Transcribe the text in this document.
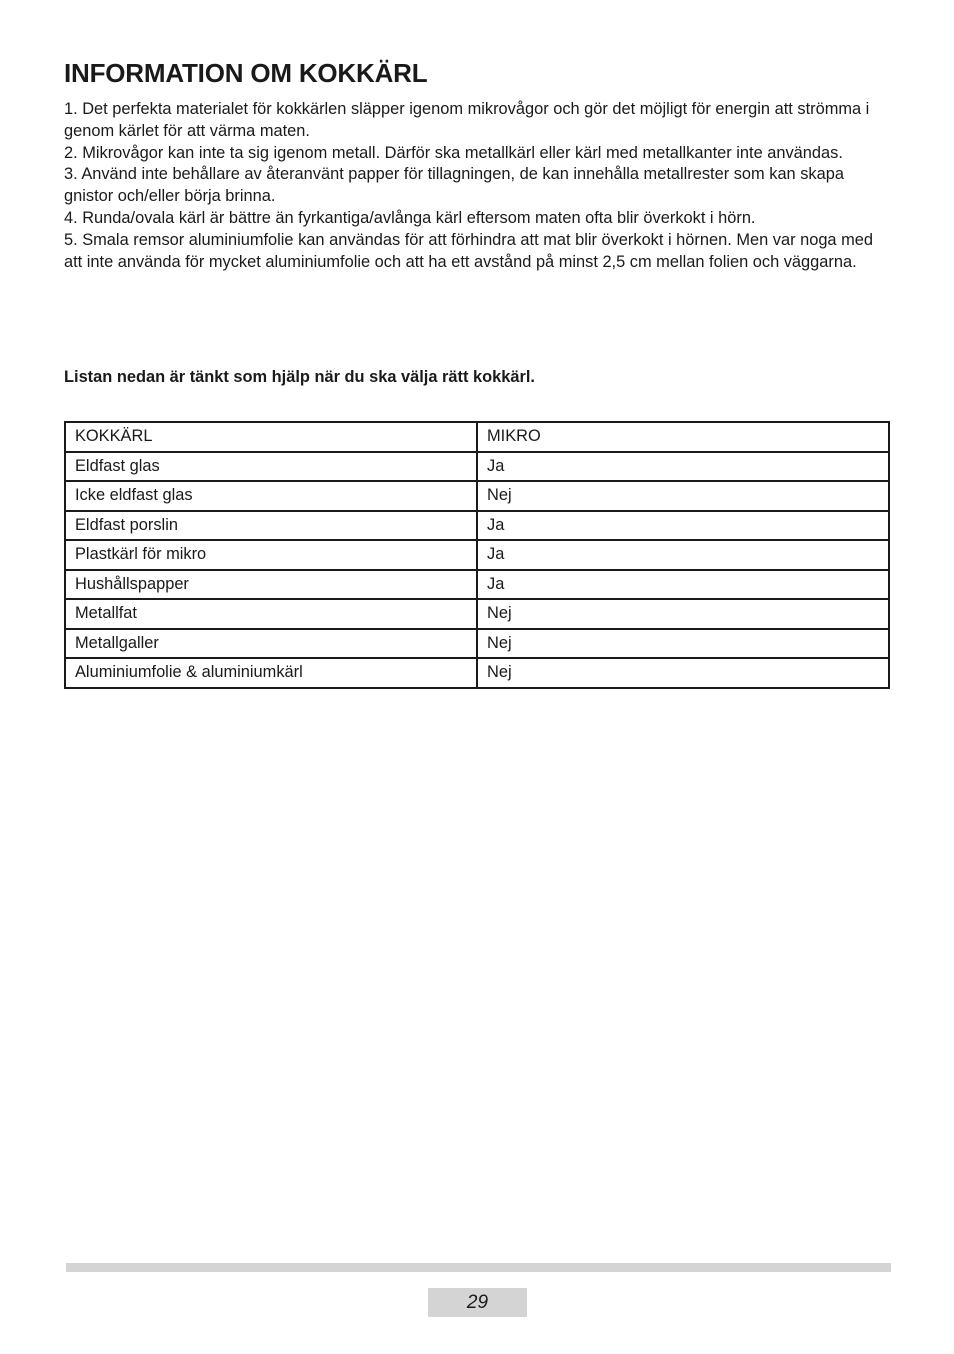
INFORMATION OM KOKKÄRL

1. Det perfekta materialet för kokkärlen släpper igenom mikrovågor och gör det möjligt för energin att strömma i genom kärlet för att värma maten.

2. Mikrovågor kan inte ta sig igenom metall. Därför ska metallkärl eller kärl med metallkanter inte användas.

3. Använd inte behållare av återanvänt papper för tillagningen, de kan innehålla metallrester som kan skapa gnistor och/eller börja brinna.

4. Runda/ovala kärl är bättre än fyrkantiga/avlånga kärl eftersom maten ofta blir överkokt i hörn.

5. Smala remsor aluminiumfolie kan användas för att förhindra att mat blir överkokt i hörnen. Men var noga med att inte använda för mycket aluminiumfolie och att ha ett avstånd på minst 2,5 cm mellan folien och väggarna.

Listan nedan är tänkt som hjälp när du ska välja rätt kokkärl.

KOKKÄRL	MIKRO
Eldfast glas	Ja
Icke eldfast glas	Nej
Eldfast porslin	Ja
Plastkärl för mikro	Ja
Hushållspapper	Ja
Metallfat	Nej
Metallgaller	Nej
Aluminiumfolie & aluminiumkärl	Nej
29
